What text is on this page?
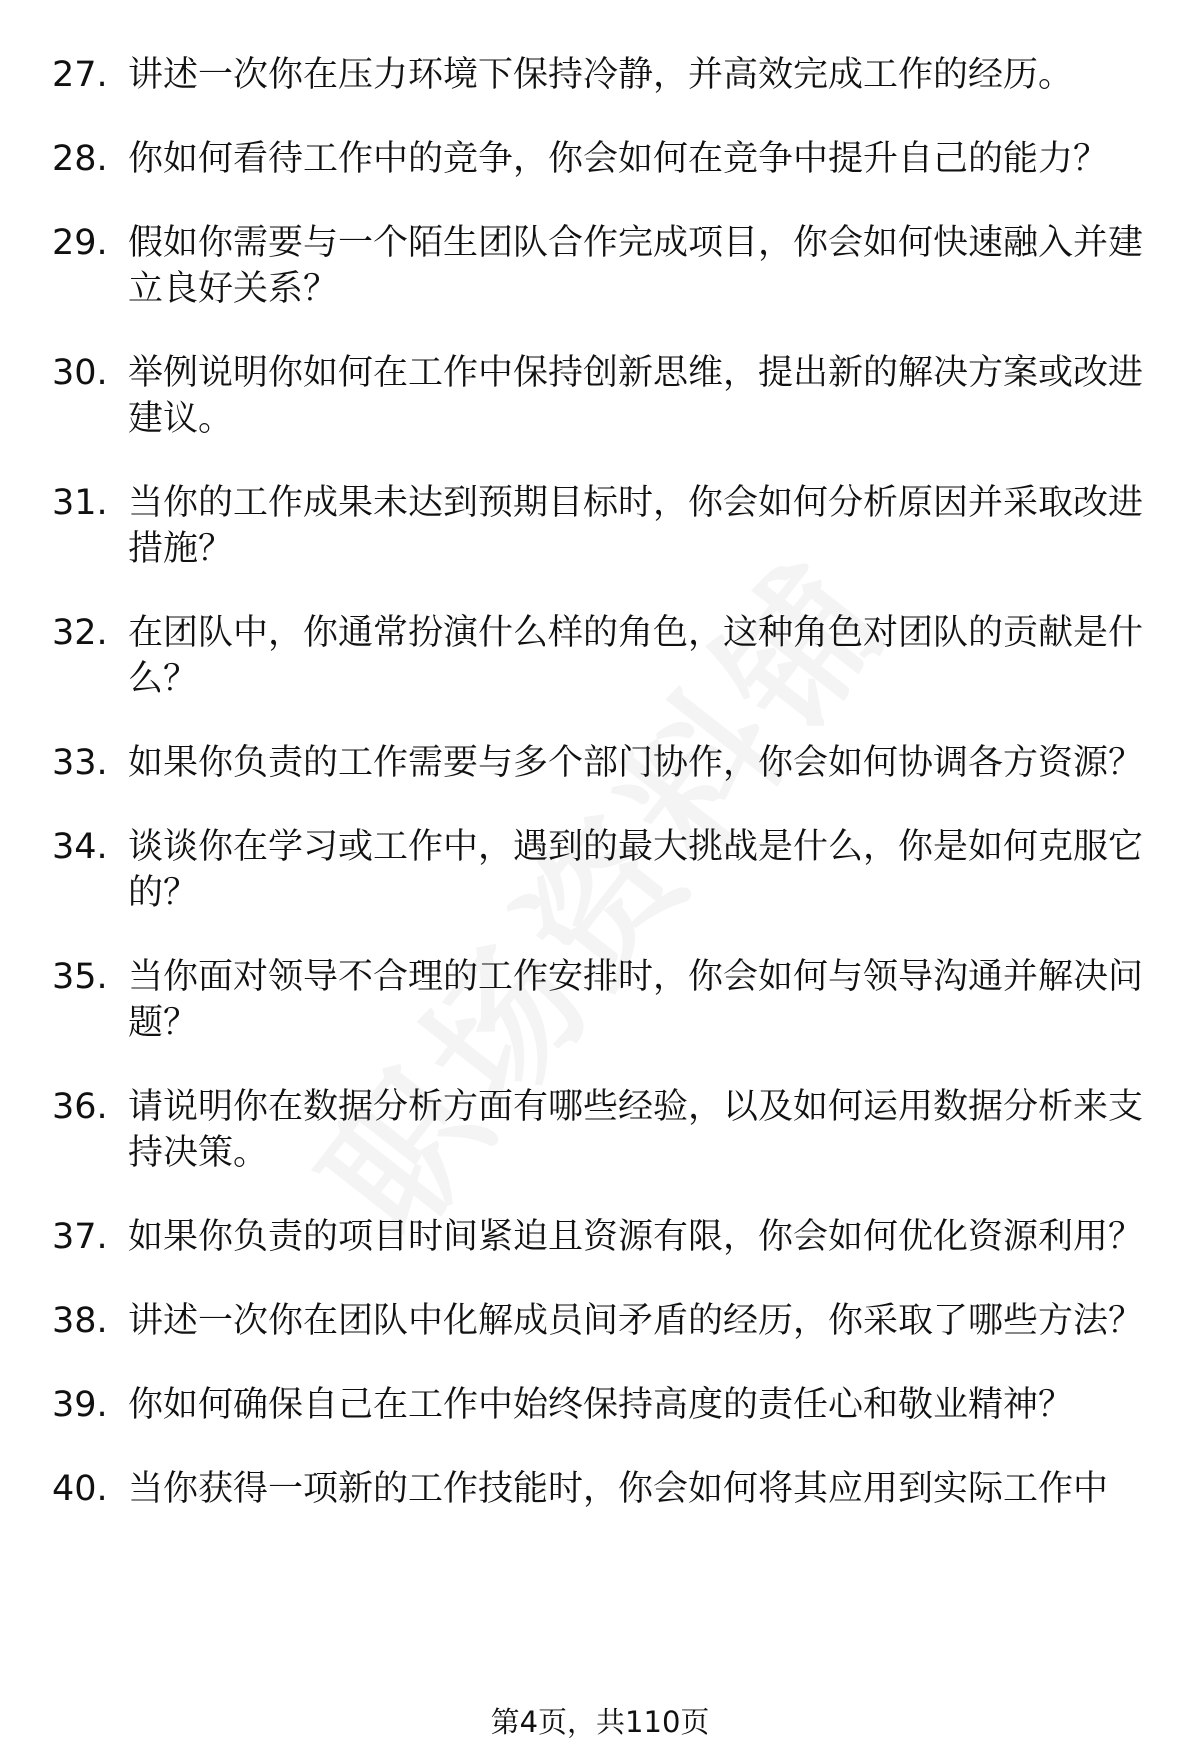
27. 讲述一次你在压力环境下保持冷静，并高效完成工作的经历。
28. 你如何看待工作中的竞争，你会如何在竞争中提升自己的能力？
29. 假如你需要与一个陌生团队合作完成项目，你会如何快速融入并建立良好关系？
30. 举例说明你如何在工作中保持创新思维，提出新的解决方案或改进建议。
31. 当你的工作成果未达到预期目标时，你会如何分析原因并采取改进措施？
32. 在团队中，你通常扮演什么样的角色，这种角色对团队的贡献是什么？
33. 如果你负责的工作需要与多个部门协作，你会如何协调各方资源？
34. 谈谈你在学习或工作中，遇到的最大挑战是什么，你是如何克服它的？
35. 当你面对领导不合理的工作安排时，你会如何与领导沟通并解决问题？
36. 请说明你在数据分析方面有哪些经验，以及如何运用数据分析来支持决策。
37. 如果你负责的项目时间紧迫且资源有限，你会如何优化资源利用？
38. 讲述一次你在团队中化解成员间矛盾的经历，你采取了哪些方法？
39. 你如何确保自己在工作中始终保持高度的责任心和敬业精神？
40. 当你获得一项新的工作技能时，你会如何将其应用到实际工作中
第4页，共110页
